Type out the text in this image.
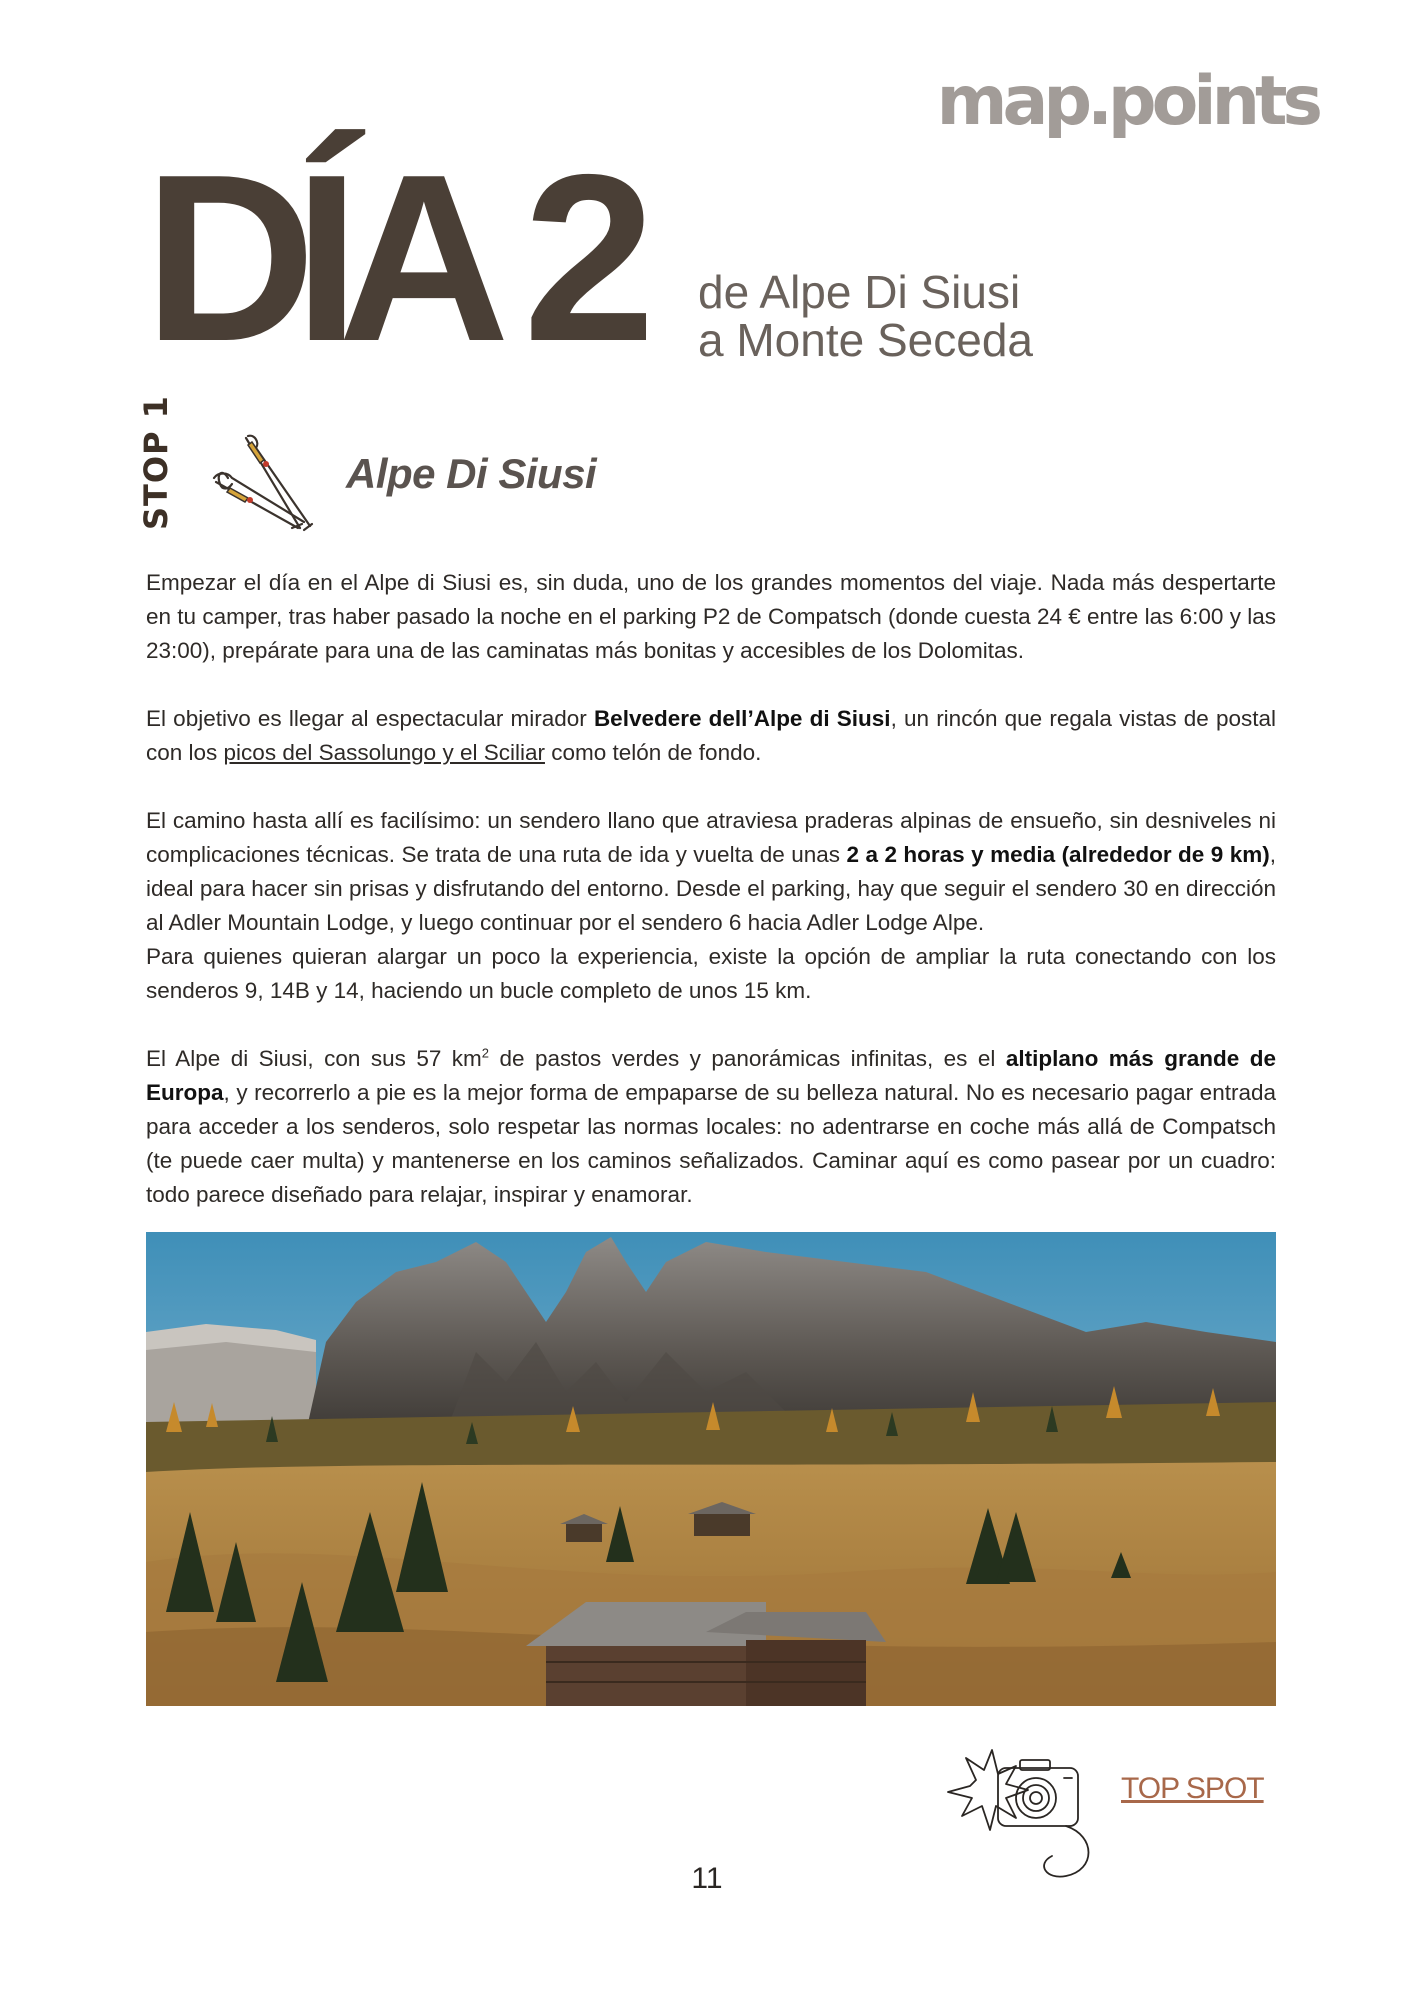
map.points
DÍA 2 de Alpe Di Siusi
a Monte Seceda
STOP 1	Alpe Di Siusi

Empezar el día en el Alpe di Siusi es, sin duda, uno de los grandes momentos del viaje. Nada más despertarte en tu camper, tras haber pasado la noche en el parking P2 de Compatsch (donde cuesta 24 € entre las 6:00 y las 23:00), prepárate para una de las caminatas más bonitas y accesibles de los Dolomitas.

El objetivo es llegar al espectacular mirador Belvedere dell’Alpe di Siusi, un rincón que regala vistas de postal con los picos del Sassolungo y el Sciliar como telón de fondo.

El camino hasta allí es facilísimo: un sendero llano que atraviesa praderas alpinas de ensueño, sin desniveles ni complicaciones técnicas. Se trata de una ruta de ida y vuelta de unas 2 a 2 horas y media (alrededor de 9 km), ideal para hacer sin prisas y disfrutando del entorno. Desde el parking, hay que seguir el sendero 30 en dirección al Adler Mountain Lodge, y luego continuar por el sendero 6 hacia Adler Lodge Alpe.

Para quienes quieran alargar un poco la experiencia, existe la opción de ampliar la ruta conectando con los senderos 9, 14B y 14, haciendo un bucle completo de unos 15 km.

El Alpe di Siusi, con sus 57 $km^2$ de pastos verdes y panorámicas infinitas, es el altiplano más grande de Europa, y recorrerlo a pie es la mejor forma de empaparse de su belleza natural. No es necesario pagar entrada para acceder a los senderos, solo respetar las normas locales: no adentrarse en coche más allá de Compatsch (te puede caer multa) y mantenerse en los caminos señalizados. Caminar aquí es como pasear por un cuadro: todo parece diseñado para relajar, inspirar y enamorar.

TOP SPOT
11
